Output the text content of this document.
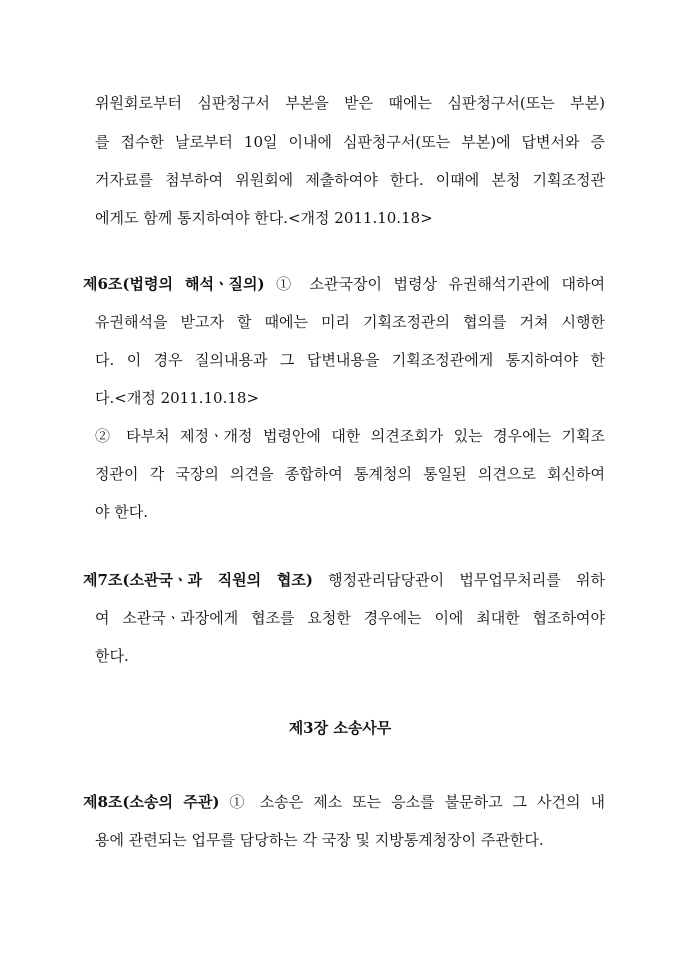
위원회로부터 심판청구서 부본을 받은 때에는 심판청구서(또는 부본)
를 접수한 날로부터 10일 이내에 심판청구서(또는 부본)에 답변서와 증
거자료를 첨부하여 위원회에 제출하여야 한다. 이때에 본청 기획조정관
에게도 함께 통지하여야 한다.<개정 2011.10.18>
제6조(법령의 해석ㆍ질의) ① 소관국장이 법령상 유권해석기관에 대하여
유권해석을 받고자 할 때에는 미리 기획조정관의 협의를 거쳐 시행한
다. 이 경우 질의내용과 그 답변내용을 기획조정관에게 통지하여야 한
다.<개정 2011.10.18>
② 타부처 제정ㆍ개정 법령안에 대한 의견조회가 있는 경우에는 기획조
정관이 각 국장의 의견을 종합하여 통계청의 통일된 의견으로 회신하여
야 한다.
제7조(소관국ㆍ과 직원의 협조) 행정관리담당관이 법무업무처리를 위하
여 소관국ㆍ과장에게 협조를 요청한 경우에는 이에 최대한 협조하여야
한다.
제3장 소송사무
제8조(소송의 주관) ① 소송은 제소 또는 응소를 불문하고 그 사건의 내
용에 관련되는 업무를 담당하는 각 국장 및 지방통계청장이 주관한다.
